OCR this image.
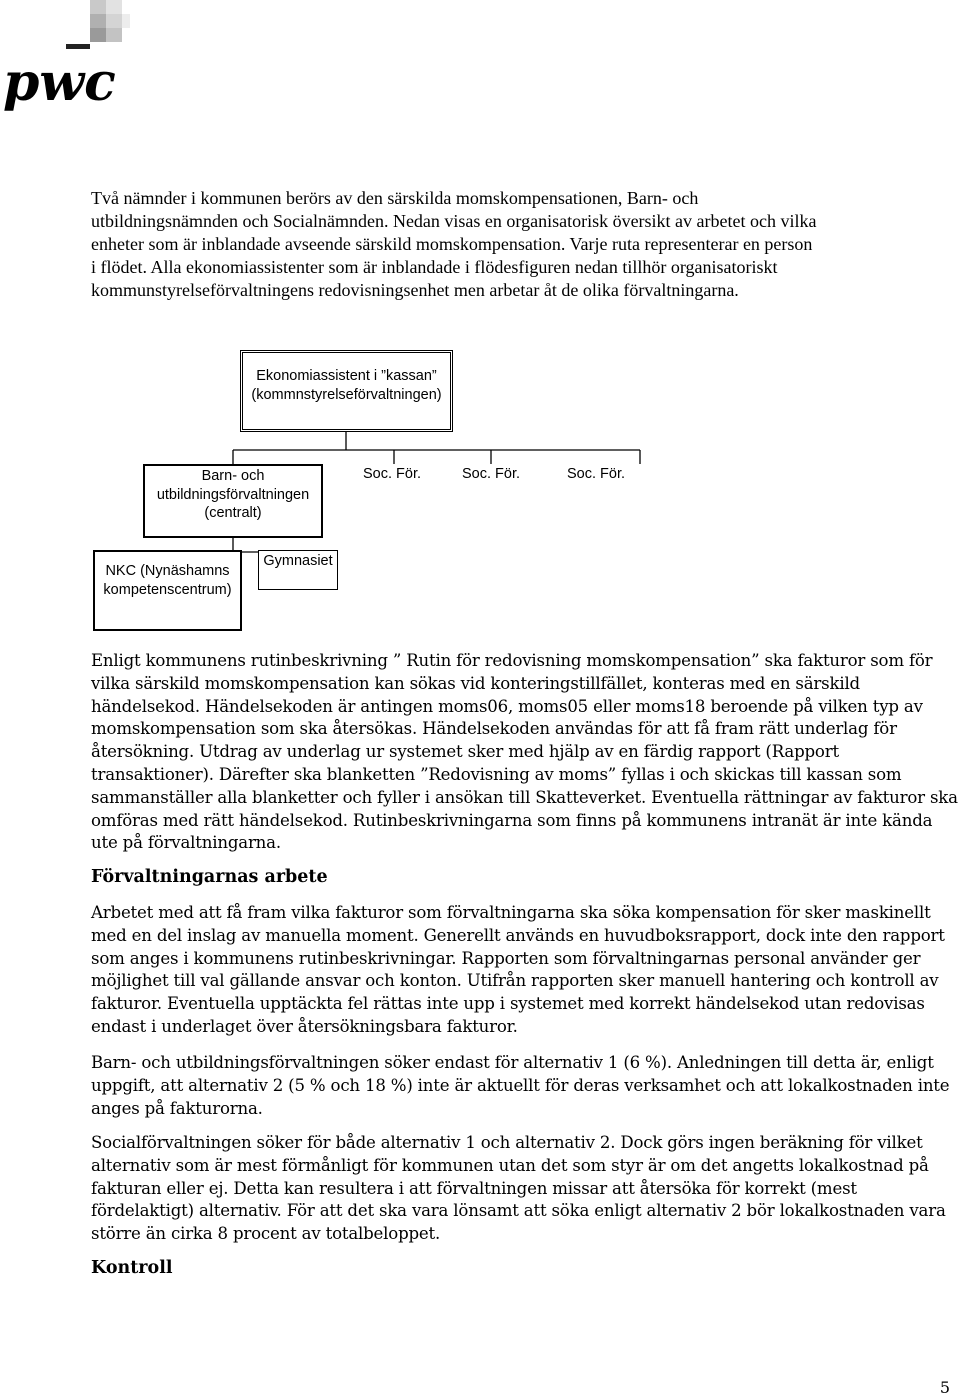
pwc

Två nämnder i kommunen berörs av den särskilda momskompensationen, Barn- och

utbildningsnämnden och Socialnämnden. Nedan visas en organisatorisk översikt av arbetet och vilka

enheter som är inblandade avseende särskild momskompensation. Varje ruta representerar en person

i flödet. Alla ekonomiassistenter som är inblandade i flödesfiguren nedan tillhör organisatoriskt

kommunstyrelseförvaltningens redovisningsenhet men arbetar åt de olika förvaltningarna.

Ekonomiassistent i ”kassan”
(kommnstyrelseförvaltningen)
Barn- och
utbildningsförvaltningen
(centralt)
Soc. För.	Soc. För.	Soc. För.
NKC (Nynäshamns
kompetenscentrum)
Gymnasiet

Enligt kommunens rutinbeskrivning ” Rutin för redovisning momskompensation” ska fakturor som för vilka särskild momskompensation kan sökas vid konteringstillfället, konteras med en särskild händelsekod. Händelsekoden är antingen moms06, moms05 eller moms18 beroende på vilken typ av momskompensation som ska återsökas. Händelsekoden användas för att få fram rätt underlag för återsökning. Utdrag av underlag ur systemet sker med hjälp av en färdig rapport (Rapport transaktioner). Därefter ska blanketten ”Redovisning av moms” fyllas i och skickas till kassan som sammanställer alla blanketter och fyller i ansökan till Skatteverket. Eventuella rättningar av fakturor ska omföras med rätt händelsekod. Rutinbeskrivningarna som finns på kommunens intranät är inte kända ute på förvaltningarna.

Förvaltningarnas arbete

Arbetet med att få fram vilka fakturor som förvaltningarna ska söka kompensation för sker maskinellt med en del inslag av manuella moment. Generellt används en huvudboksrapport, dock inte den rapport som anges i kommunens rutinbeskrivningar. Rapporten som förvaltningarnas personal använder ger möjlighet till val gällande ansvar och konton. Utifrån rapporten sker manuell hantering och kontroll av fakturor. Eventuella upptäckta fel rättas inte upp i systemet med korrekt händelsekod utan redovisas endast i underlaget över återsökningsbara fakturor.

Barn- och utbildningsförvaltningen söker endast för alternativ 1 (6 %). Anledningen till detta är, enligt uppgift, att alternativ 2 (5 % och 18 %) inte är aktuellt för deras verksamhet och att lokalkostnaden inte anges på fakturorna.

Socialförvaltningen söker för både alternativ 1 och alternativ 2. Dock görs ingen beräkning för vilket alternativ som är mest förmånligt för kommunen utan det som styr är om det angetts lokalkostnad på fakturan eller ej. Detta kan resultera i att förvaltningen missar att återsöka för korrekt (mest fördelaktigt) alternativ. För att det ska vara lönsamt att söka enligt alternativ 2 bör lokalkostnaden vara större än cirka 8 procent av totalbeloppet.

Kontroll
5
